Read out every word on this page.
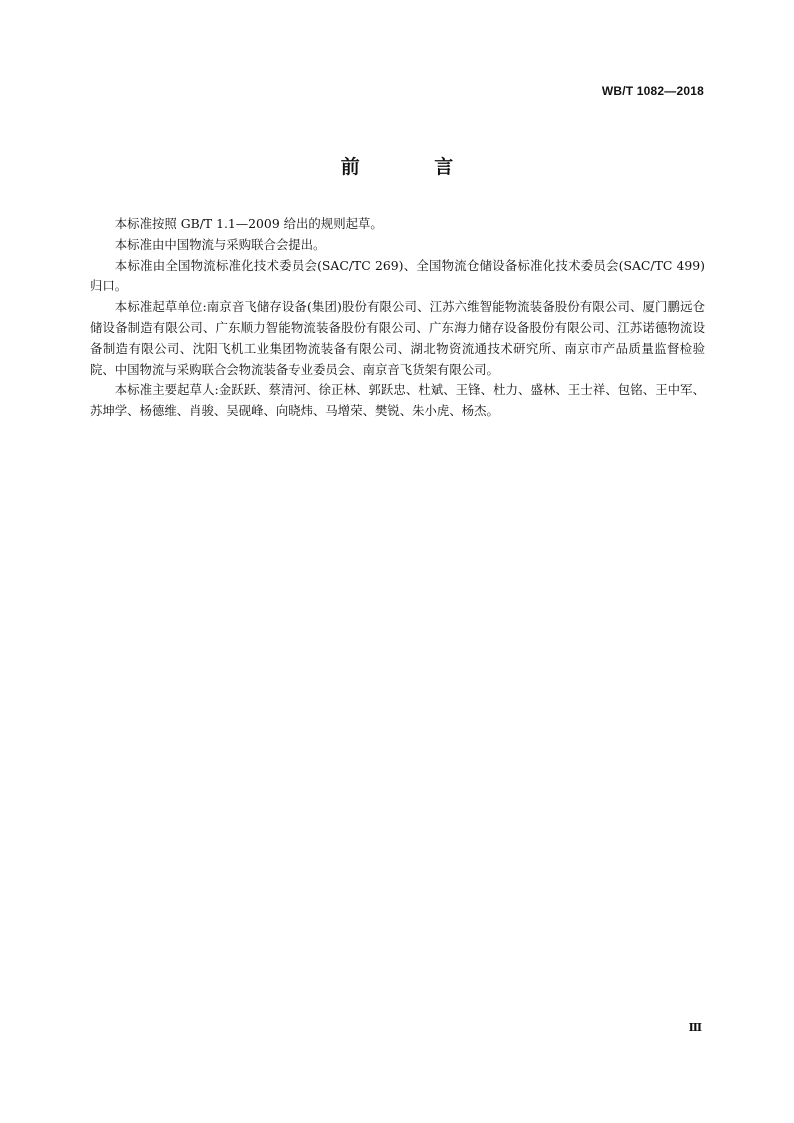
WB/T 1082—2018
前 言

本标准按照 GB/T 1.1—2009 给出的规则起草。

本标准由中国物流与采购联合会提出。

本标准由全国物流标准化技术委员会(SAC/TC 269)、全国物流仓储设备标准化技术委员会(SAC/TC 499)归口。

本标准起草单位:南京音飞储存设备(集团)股份有限公司、江苏六维智能物流装备股份有限公司、厦门鹏远仓储设备制造有限公司、广东顺力智能物流装备股份有限公司、广东海力储存设备股份有限公司、江苏诺德物流设备制造有限公司、沈阳飞机工业集团物流装备有限公司、湖北物资流通技术研究所、南京市产品质量监督检验院、中国物流与采购联合会物流装备专业委员会、南京音飞货架有限公司。

本标准主要起草人:金跃跃、蔡清河、徐正林、郭跃忠、杜斌、王锋、杜力、盛林、王士祥、包铭、王中军、苏坤学、杨德维、肖骏、吴砚峰、向晓炜、马增荣、樊锐、朱小虎、杨杰。

Ⅲ
